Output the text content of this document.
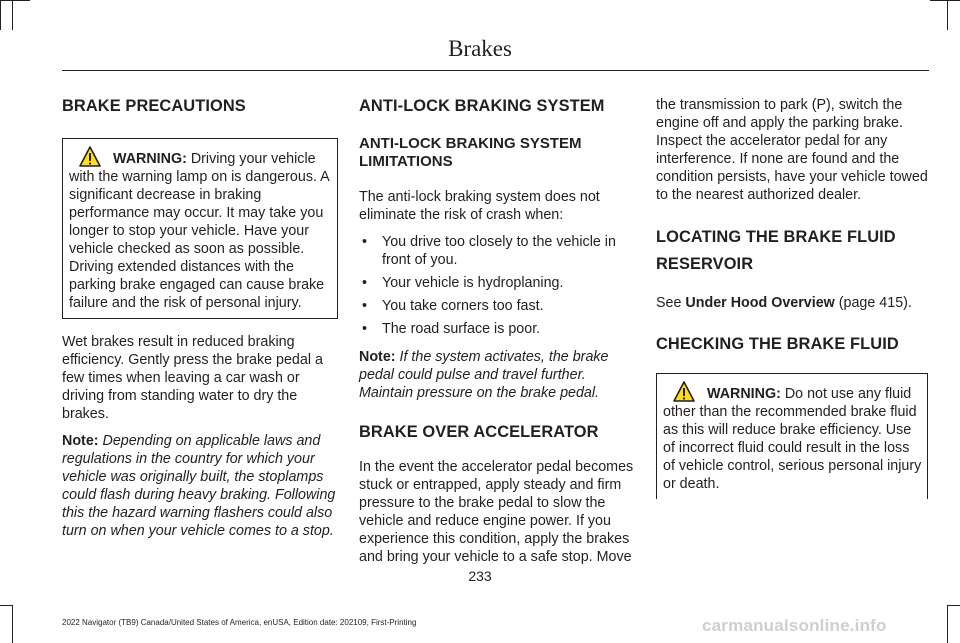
Brakes
BRAKE PRECAUTIONS
WARNING: Driving your vehicle with the warning lamp on is dangerous. A significant decrease in braking performance may occur. It may take you longer to stop your vehicle. Have your vehicle checked as soon as possible. Driving extended distances with the parking brake engaged can cause brake failure and the risk of personal injury.

Wet brakes result in reduced braking efficiency. Gently press the brake pedal a few times when leaving a car wash or driving from standing water to dry the brakes.

Note: Depending on applicable laws and regulations in the country for which your vehicle was originally built, the stoplamps could flash during heavy braking. Following this the hazard warning flashers could also turn on when your vehicle comes to a stop.

ANTI-LOCK BRAKING SYSTEM
ANTI-LOCK BRAKING SYSTEM LIMITATIONS

The anti-lock braking system does not eliminate the risk of crash when:

• You drive too closely to the vehicle in front of you.
• Your vehicle is hydroplaning.
• You take corners too fast.
• The road surface is poor.

Note: If the system activates, the brake pedal could pulse and travel further. Maintain pressure on the brake pedal.

BRAKE OVER ACCELERATOR

In the event the accelerator pedal becomes stuck or entrapped, apply steady and firm pressure to the brake pedal to slow the vehicle and reduce engine power. If you experience this condition, apply the brakes and bring your vehicle to a safe stop. Move

the transmission to park (P), switch the engine off and apply the parking brake. Inspect the accelerator pedal for any interference. If none are found and the condition persists, have your vehicle towed to the nearest authorized dealer.

LOCATING THE BRAKE FLUID RESERVOIR

See Under Hood Overview (page 415).

CHECKING THE BRAKE FLUID
WARNING: Do not use any fluid other than the recommended brake fluid as this will reduce brake efficiency. Use of incorrect fluid could result in the loss of vehicle control, serious personal injury or death.
233
2022 Navigator (TB9) Canada/United States of America, enUSA, Edition date: 202109, First-Printing	carmanualsonline.info
